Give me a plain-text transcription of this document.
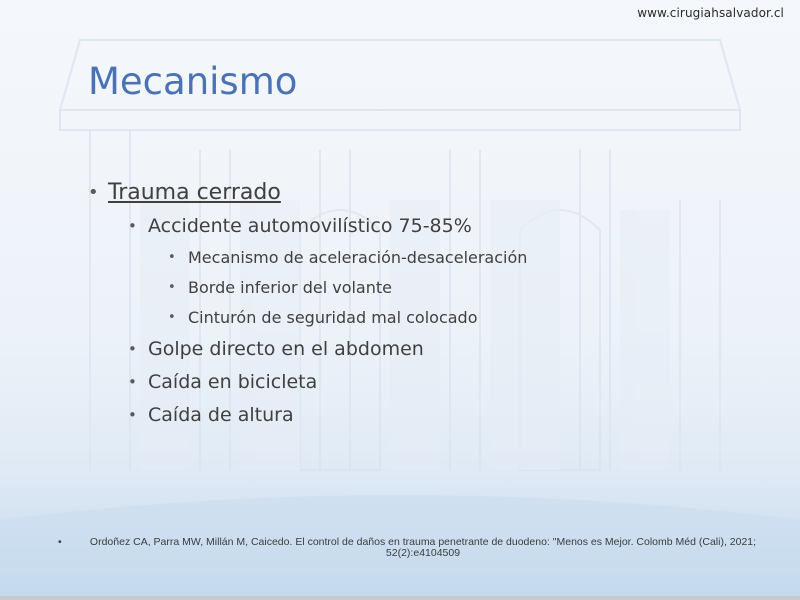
www.cirugiahsalvador.cl
Mecanismo
• Trauma cerrado
• Accidente automovilístico 75-85%
• Mecanismo de aceleración-desaceleración
• Borde inferior del volante
• Cinturón de seguridad mal colocado
• Golpe directo en el abdomen
• Caída en bicicleta
• Caída de altura
•	Ordoñez CA, Parra MW, Millán M, Caicedo. El control de daños en trauma penetrante de duodeno: "Menos es Mejor. Colomb Méd (Cali), 2021; 52(2):e4104509
